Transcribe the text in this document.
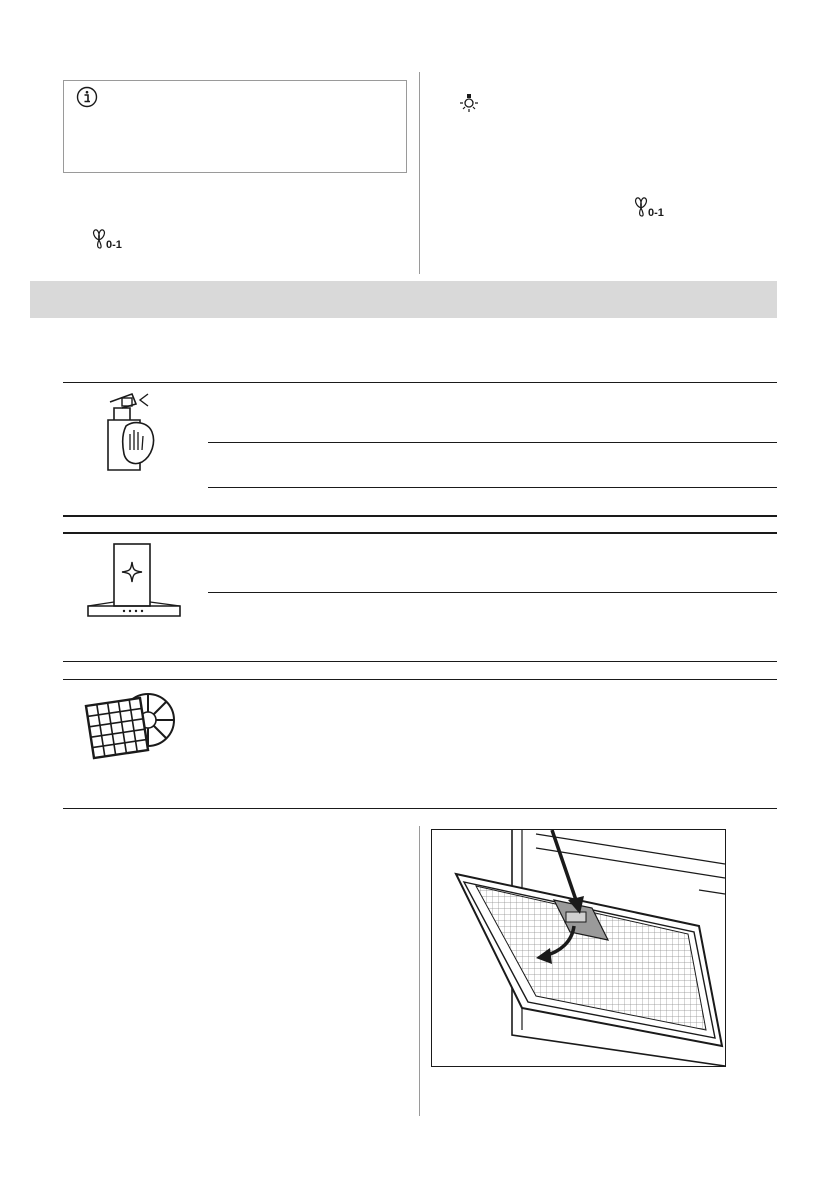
0-1
0-1
